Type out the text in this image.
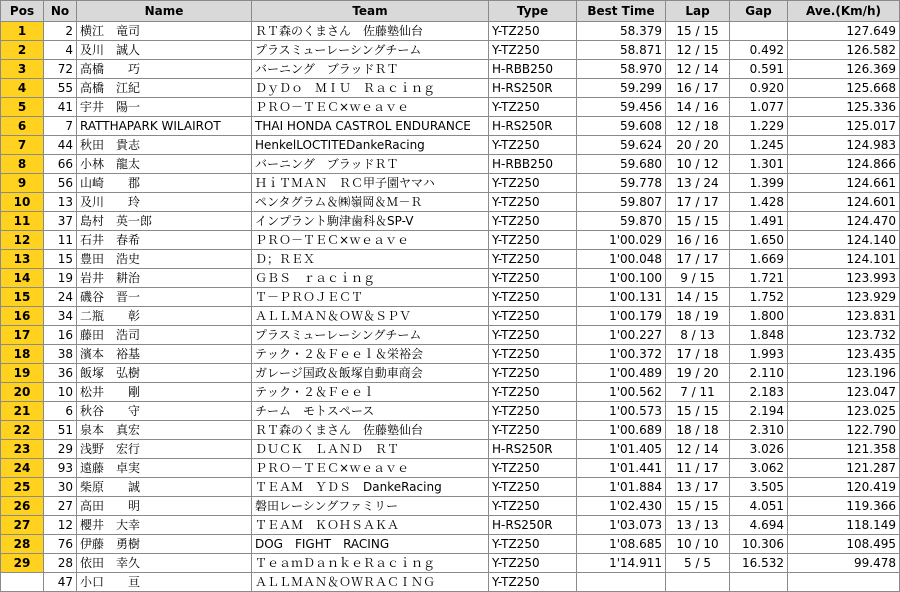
Pos	No	Name	Team	Type	Best Time	Lap	Gap	Ave.(Km/h)
1	2	横江　竜司	ＲＴ森のくまさん　佐藤塾仙台	Y-TZ250	58.379	15 / 15		127.649
2	4	及川　誠人	プラスミューレーシングチーム	Y-TZ250	58.871	12 / 15	0.492	126.582
3	72	高橋　　巧	バーニング　ブラッドＲＴ	H-RBB250	58.970	12 / 14	0.591	126.369
4	55	高橋　江紀	ＤｙＤｏ　ＭＩＵ　Ｒａｃｉｎｇ	H-RS250R	59.299	16 / 17	0.920	125.668
5	41	宇井　陽一	ＰＲＯ－ＴＥＣ×ｗｅａｖｅ	Y-TZ250	59.456	14 / 16	1.077	125.336
6	7	RATTHAPARK WILAIROT	THAI HONDA CASTROL ENDURANCE	H-RS250R	59.608	12 / 18	1.229	125.017
7	44	秋田　貴志	HenkelLOCTITEDankeRacing	Y-TZ250	59.624	20 / 20	1.245	124.983
8	66	小林　龍太	バーニング　ブラッドＲＴ	H-RBB250	59.680	10 / 12	1.301	124.866
9	56	山崎　　郡	ＨｉＴＭＡＮ　ＲＣ甲子園ヤマハ	Y-TZ250	59.778	13 / 24	1.399	124.661
10	13	及川　　玲	ペンタグラム＆㈱嶺岡＆Ｍ－Ｒ	Y-TZ250	59.807	17 / 17	1.428	124.601
11	37	島村　英一郎	インプラント駒津歯科＆SP-V	Y-TZ250	59.870	15 / 15	1.491	124.470
12	11	石井　春希	ＰＲＯ－ＴＥＣ×ｗｅａｖｅ	Y-TZ250	1'00.029	16 / 16	1.650	124.140
13	15	豊田　浩史	Ｄ；ＲＥＸ	Y-TZ250	1'00.048	17 / 17	1.669	124.101
14	19	岩井　耕治	ＧＢＳ　ｒａｃｉｎｇ	Y-TZ250	1'00.100	9 / 15	1.721	123.993
15	24	磯谷　晋一	Ｔ－ＰＲＯＪＥＣＴ	Y-TZ250	1'00.131	14 / 15	1.752	123.929
16	34	二瓶　　彰	ＡＬＬＭＡＮ＆ＯＷ＆ＳＰＶ	Y-TZ250	1'00.179	18 / 19	1.800	123.831
17	16	藤田　浩司	プラスミューレーシングチーム	Y-TZ250	1'00.227	8 / 13	1.848	123.732
18	38	濱本　裕基	テック・２＆Ｆｅｅｌ＆栄裕会	Y-TZ250	1'00.372	17 / 18	1.993	123.435
19	36	飯塚　弘樹	ガレージ国政＆飯塚自動車商会	Y-TZ250	1'00.489	19 / 20	2.110	123.196
20	10	松井　　剛	テック・２＆Ｆｅｅｌ	Y-TZ250	1'00.562	7 / 11	2.183	123.047
21	6	秋谷　　守	チーム　モトスペース	Y-TZ250	1'00.573	15 / 15	2.194	123.025
22	51	泉本　真宏	ＲＴ森のくまさん　佐藤塾仙台	Y-TZ250	1'00.689	18 / 18	2.310	122.790
23	29	浅野　宏行	ＤＵＣＫ　ＬＡＮＤ　ＲＴ	H-RS250R	1'01.405	12 / 14	3.026	121.358
24	93	遠藤　卓実	ＰＲＯ－ＴＥＣ×ｗｅａｖｅ	Y-TZ250	1'01.441	11 / 17	3.062	121.287
25	30	柴原　　誠	ＴＥＡＭ　ＹＤＳ　DankeRacing	Y-TZ250	1'01.884	13 / 17	3.505	120.419
26	27	高田　　明	磐田レーシングファミリー	Y-TZ250	1'02.430	15 / 15	4.051	119.366
27	12	櫻井　大幸	ＴＥＡＭ　ＫＯＨＳＡＫＡ	H-RS250R	1'03.073	13 / 13	4.694	118.149
28	76	伊藤　勇樹	DOG　FIGHT　RACING	Y-TZ250	1'08.685	10 / 10	10.306	108.495
29	28	依田　幸久	ＴｅａｍＤａｎｋｅＲａｃｉｎｇ	Y-TZ250	1'14.911	5 / 5	16.532	99.478
	47	小口　　亘	ＡＬＬＭＡＮ＆ＯＷＲＡＣＩＮＧ	Y-TZ250				
